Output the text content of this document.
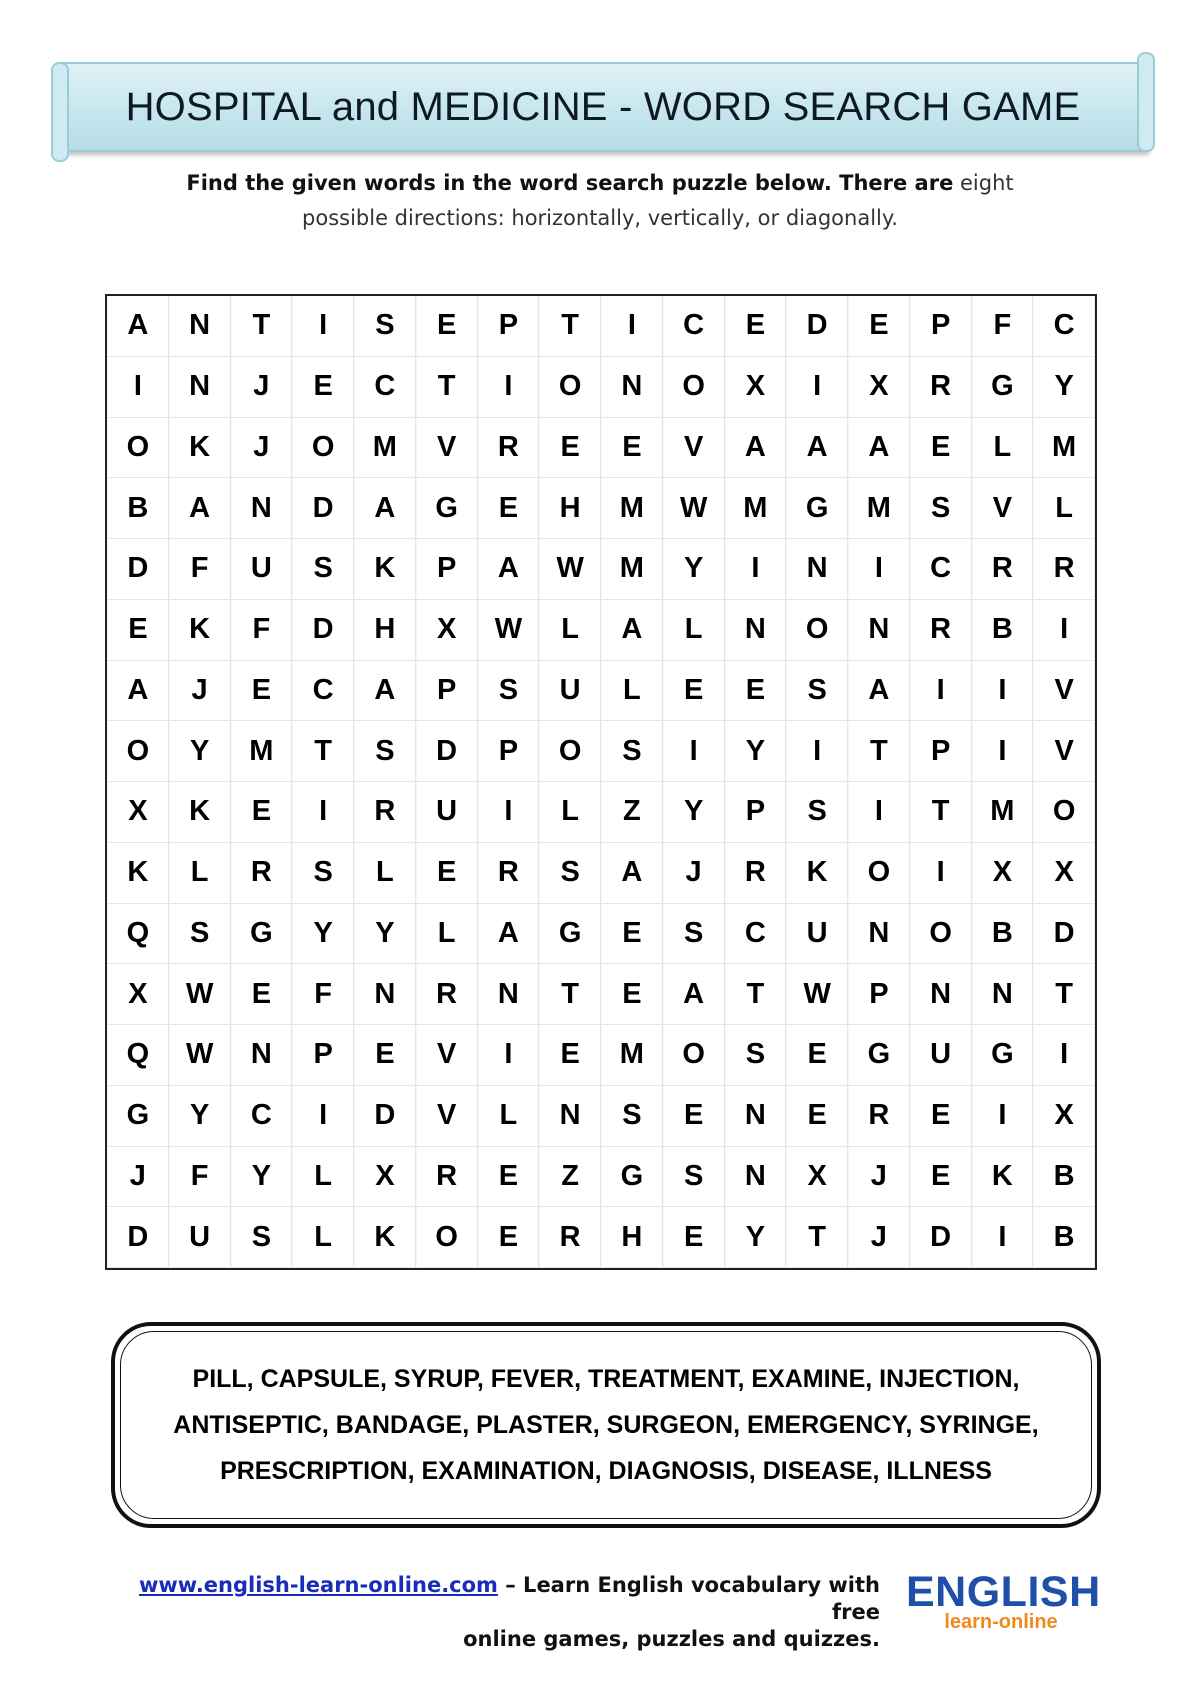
HOSPITAL and MEDICINE - WORD SEARCH GAME
Find the given words in the word search puzzle below. There are eight
possible directions: horizontally, vertically, or diagonally.
A	N	T	I	S	E	P	T	I	C	E	D	E	P	F	C
I	N	J	E	C	T	I	O	N	O	X	I	X	R	G	Y
O	K	J	O	M	V	R	E	E	V	A	A	A	E	L	M
B	A	N	D	A	G	E	H	M	W	M	G	M	S	V	L
D	F	U	S	K	P	A	W	M	Y	I	N	I	C	R	R
E	K	F	D	H	X	W	L	A	L	N	O	N	R	B	I
A	J	E	C	A	P	S	U	L	E	E	S	A	I	I	V
O	Y	M	T	S	D	P	O	S	I	Y	I	T	P	I	V
X	K	E	I	R	U	I	L	Z	Y	P	S	I	T	M	O
K	L	R	S	L	E	R	S	A	J	R	K	O	I	X	X
Q	S	G	Y	Y	L	A	G	E	S	C	U	N	O	B	D
X	W	E	F	N	R	N	T	E	A	T	W	P	N	N	T
Q	W	N	P	E	V	I	E	M	O	S	E	G	U	G	I
G	Y	C	I	D	V	L	N	S	E	N	E	R	E	I	X
J	F	Y	L	X	R	E	Z	G	S	N	X	J	E	K	B
D	U	S	L	K	O	E	R	H	E	Y	T	J	D	I	B
PILL, CAPSULE, SYRUP, FEVER, TREATMENT, EXAMINE, INJECTION,
ANTISEPTIC, BANDAGE, PLASTER, SURGEON, EMERGENCY, SYRINGE,
PRESCRIPTION, EXAMINATION, DIAGNOSIS, DISEASE, ILLNESS
www.english-learn-online.com – Learn English vocabulary with free
online games, puzzles and quizzes.
ENGLISH
learn-online
